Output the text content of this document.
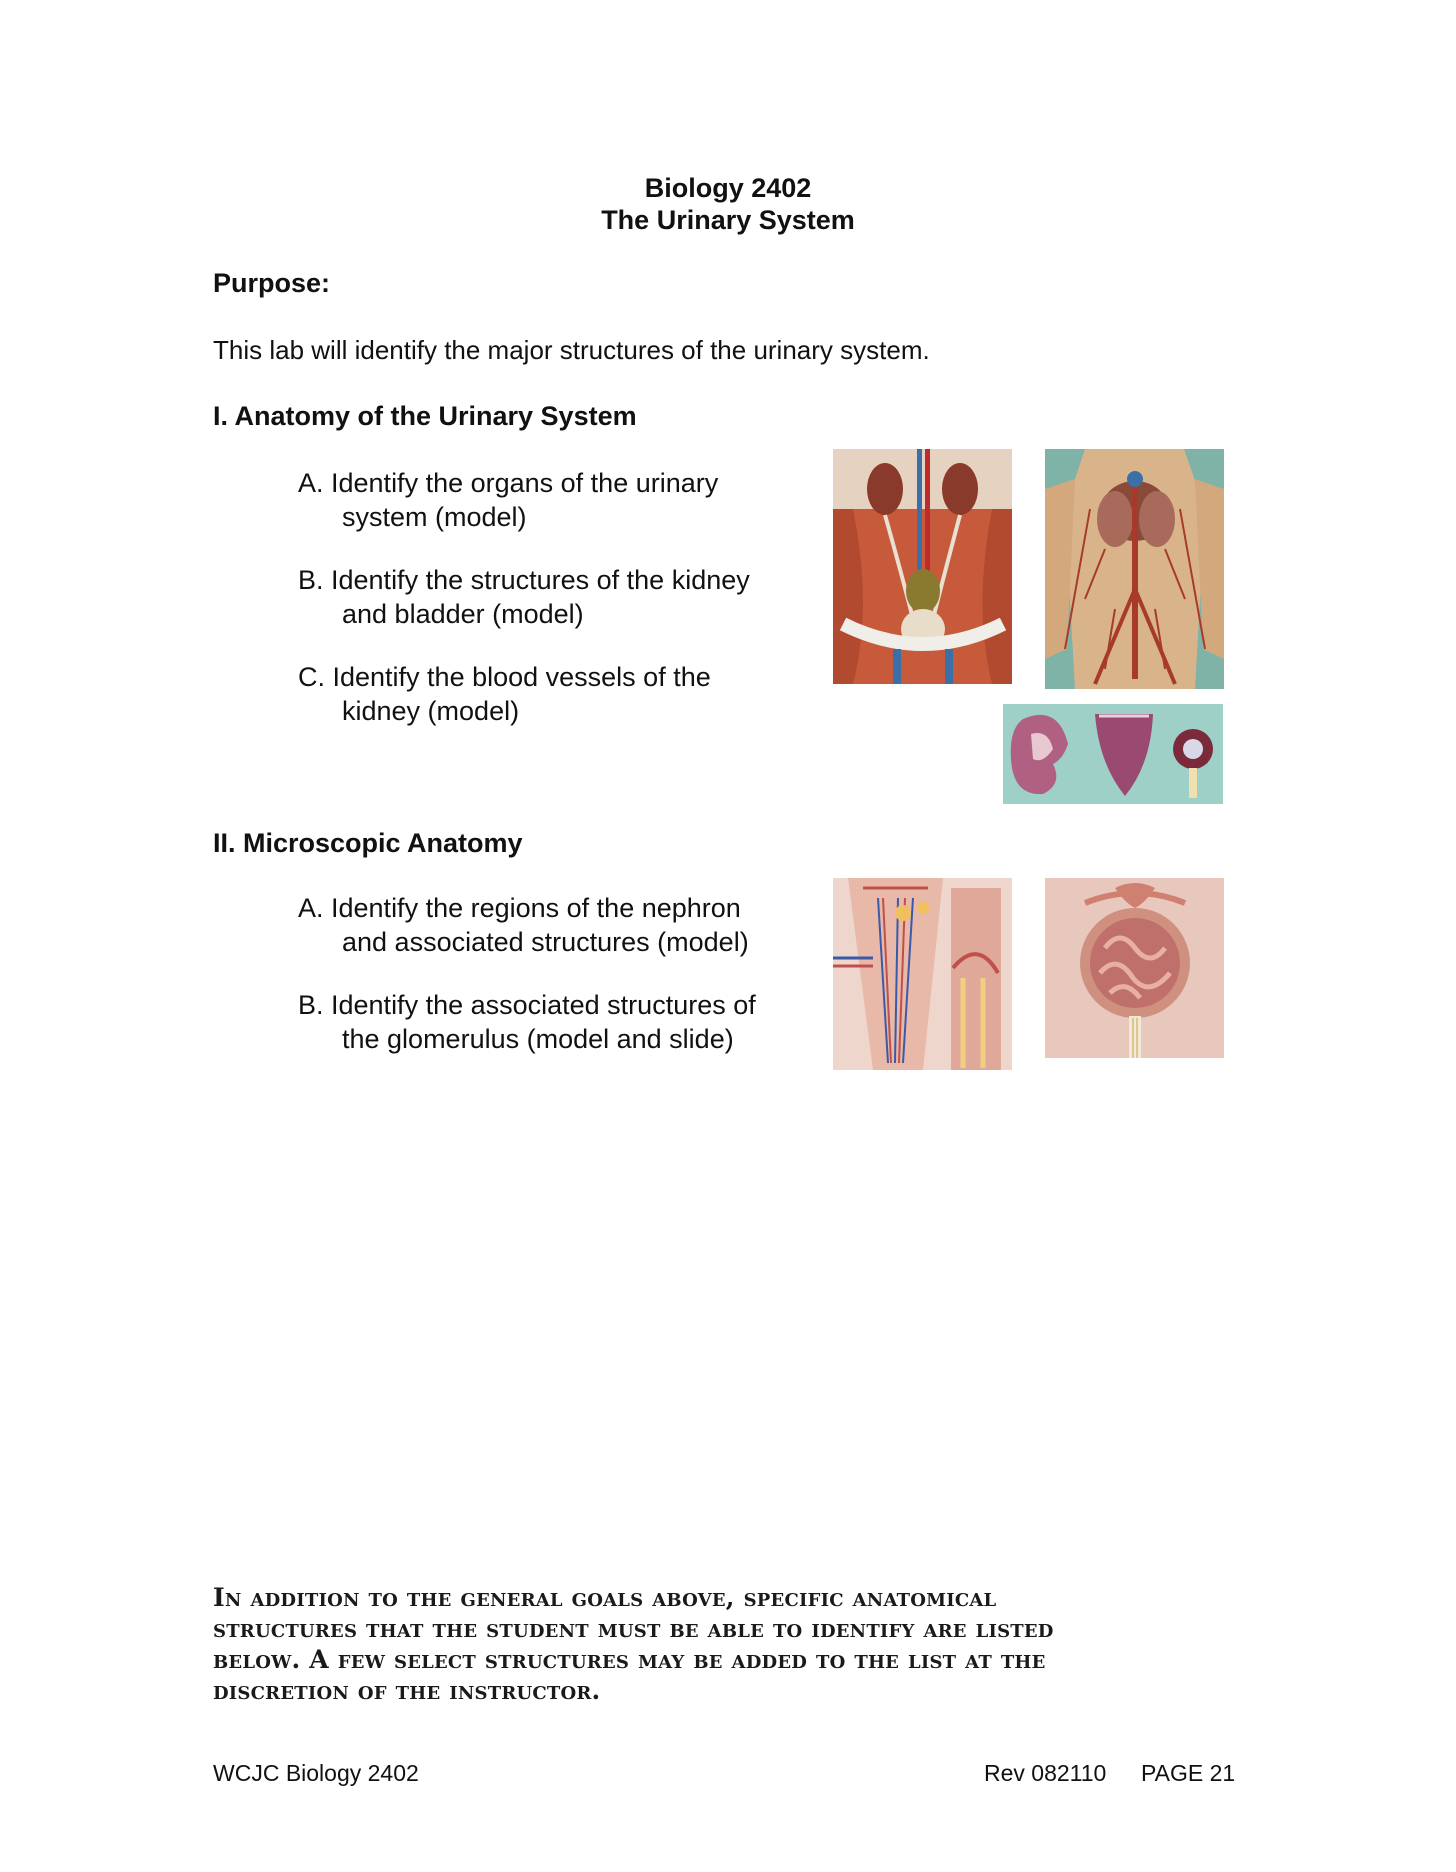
Biology 2402
The Urinary System
Purpose:
This lab will identify the major structures of the urinary system.
I. Anatomy of the Urinary System
A. Identify the organs of the urinary
system (model)
B. Identify the structures of the kidney
and bladder (model)
C. Identify the blood vessels of the
kidney (model)
II. Microscopic Anatomy
A. Identify the regions of the nephron
and associated structures (model)
B. Identify the associated structures of
the glomerulus (model and slide)
In addition to the general goals above, specific anatomical
structures that the student must be able to identify are listed
below. A few select structures may be added to the list at the
discretion of the instructor.
WCJC Biology 2402	Rev 082110 PAGE 21
